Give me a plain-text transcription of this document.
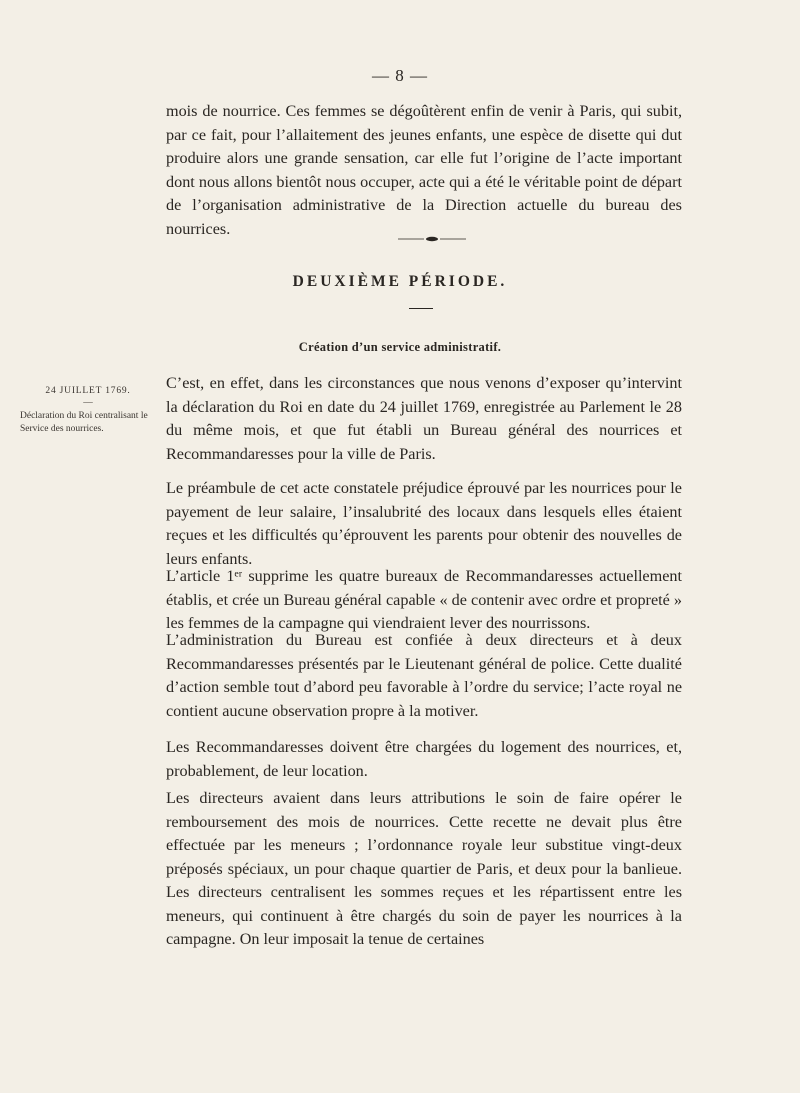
— 8 —

mois de nourrice. Ces femmes se dégoûtèrent enfin de venir à Paris, qui subit, par ce fait, pour l’allaitement des jeunes enfants, une espèce de disette qui dut produire alors une grande sensation, car elle fut l’origine de l’acte important dont nous allons bientôt nous occuper, acte qui a été le véritable point de départ de l’organisation administrative de la Direction actuelle du bureau des nourrices.

DEUXIÈME PÉRIODE.
Création d’un service administratif.
24 JUILLET 1769.
—
Déclaration du Roi centralisant le Service des nourrices.

C’est, en effet, dans les circonstances que nous venons d’exposer qu’intervint la déclaration du Roi en date du 24 juillet 1769, enregistrée au Parlement le 28 du même mois, et que fut établi un Bureau général des nourrices et Recommandaresses pour la ville de Paris.

Le préambule de cet acte constatele préjudice éprouvé par les nourrices pour le payement de leur salaire, l’insalubrité des locaux dans lesquels elles étaient reçues et les difficultés qu’éprouvent les parents pour obtenir des nouvelles de leurs enfants.

L’article 1ᵉʳ supprime les quatre bureaux de Recommandaresses actuellement établis, et crée un Bureau général capable « de contenir avec ordre et propreté » les femmes de la campagne qui viendraient lever des nourrissons.

L’administration du Bureau est confiée à deux directeurs et à deux Recommandaresses présentés par le Lieutenant général de police. Cette dualité d’action semble tout d’abord peu favorable à l’ordre du service; l’acte royal ne contient aucune observation propre à la motiver.

Les Recommandaresses doivent être chargées du logement des nourrices, et, probablement, de leur location.

Les directeurs avaient dans leurs attributions le soin de faire opérer le remboursement des mois de nourrices. Cette recette ne devait plus être effectuée par les meneurs ; l’ordonnance royale leur substitue vingt-deux préposés spéciaux, un pour chaque quartier de Paris, et deux pour la banlieue. Les directeurs centralisent les sommes reçues et les répartissent entre les meneurs, qui continuent à être chargés du soin de payer les nourrices à la campagne. On leur imposait la tenue de certaines
